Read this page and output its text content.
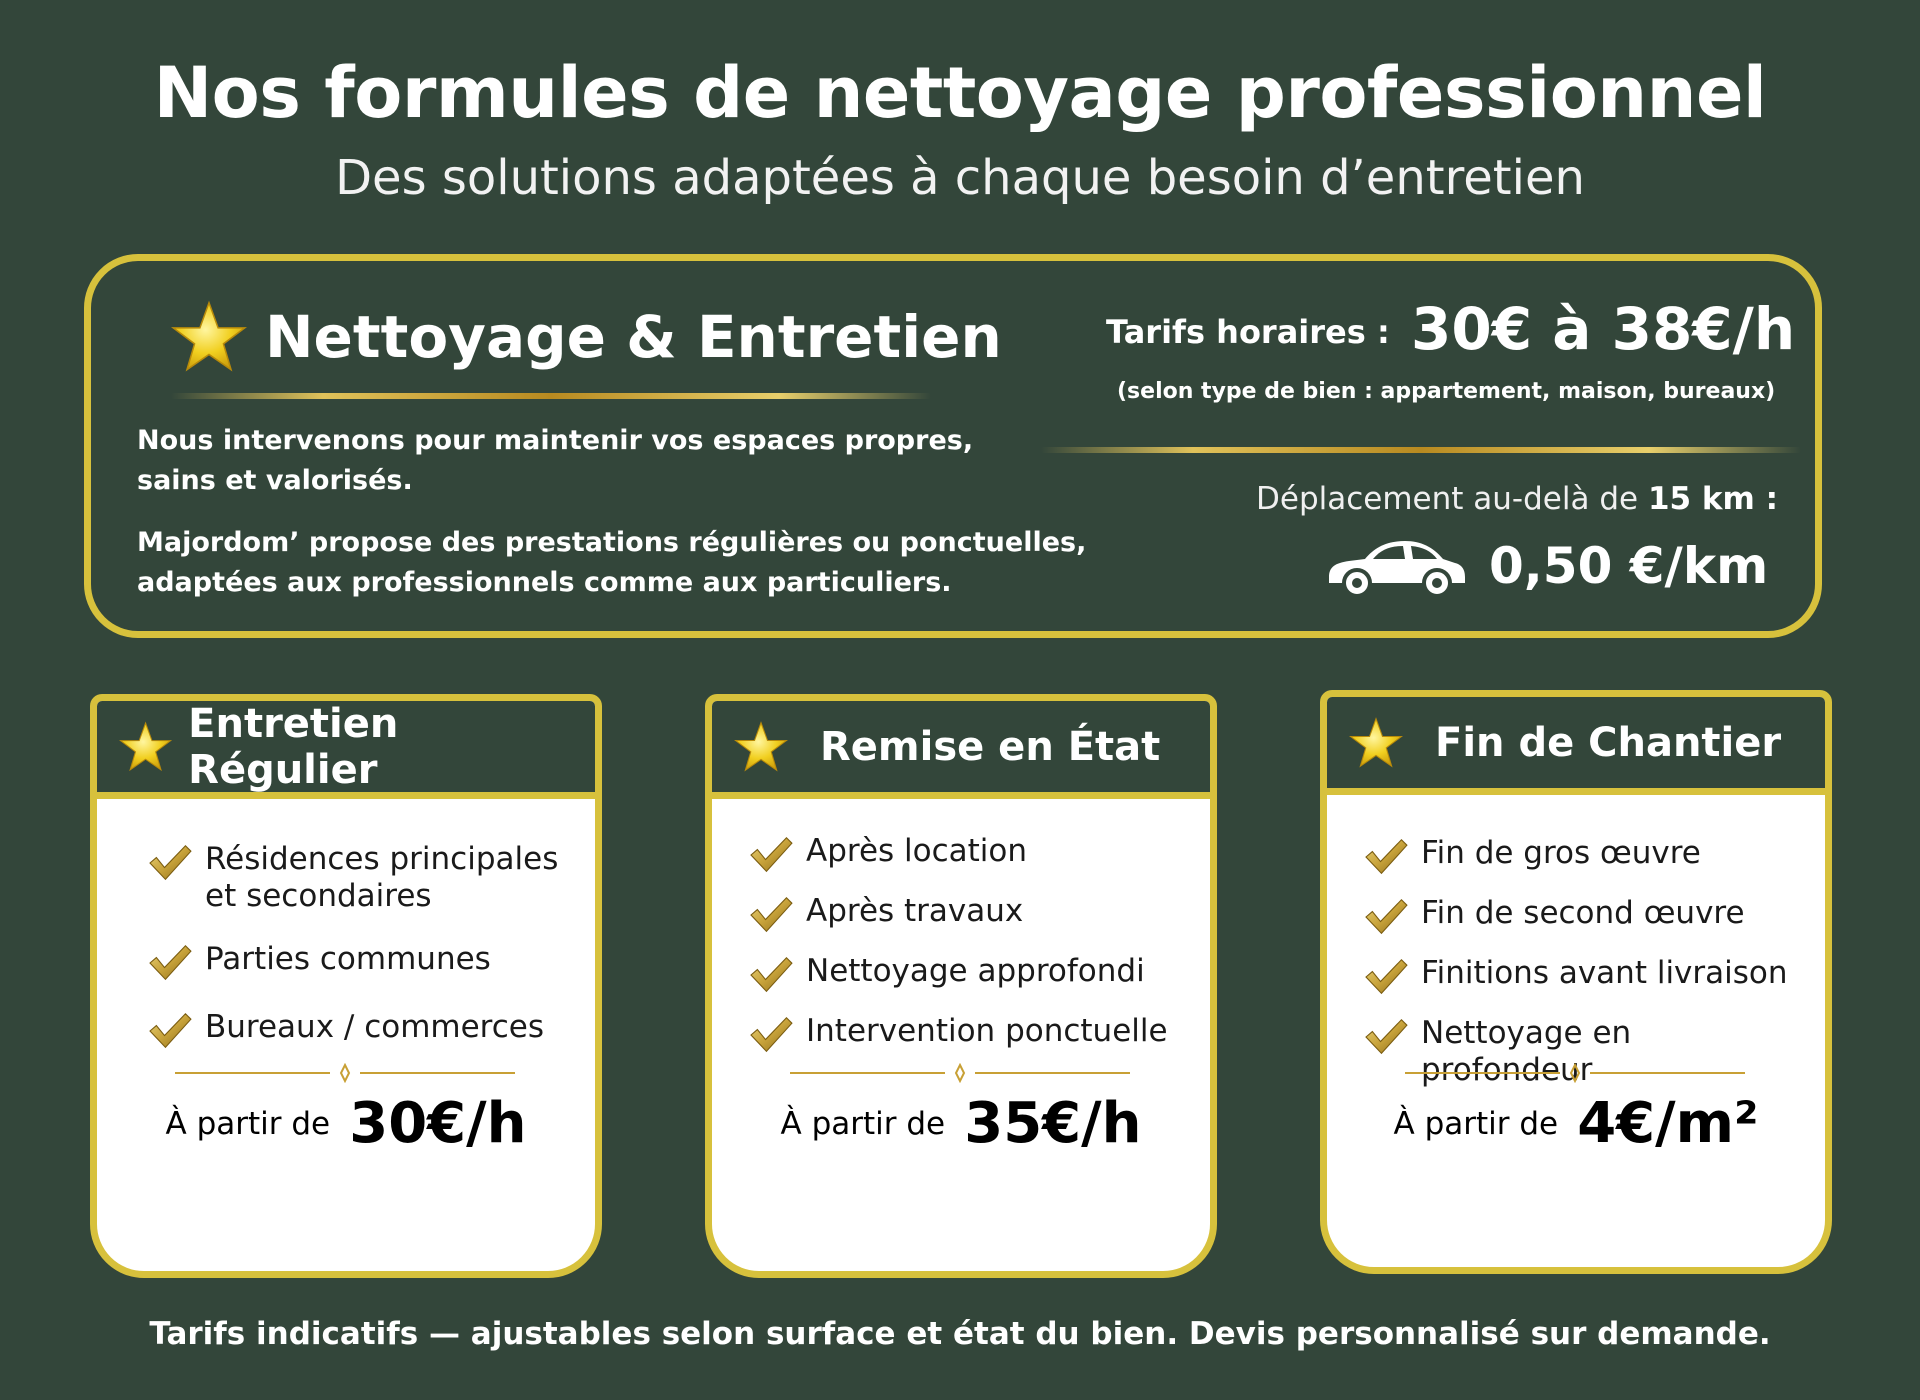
Nos formules de nettoyage professionnel
Des solutions adaptées à chaque besoin d’entretien
Nettoyage & Entretien
Nous intervenons pour maintenir vos espaces propres, sains et valorisés.
Majordom’ propose des prestations régulières ou ponctuelles, adaptées aux professionnels comme aux particuliers.
Tarifs horaires : 30€ à 38€/h
(selon type de bien : appartement, maison, bureaux)
Déplacement au-delà de 15 km :
0,50 €/km
Entretien Régulier
Résidences principales et secondaires
Parties communes
Bureaux / commerces
À partir de 30€/h
Remise en État
Après location
Après travaux
Nettoyage approfondi
Intervention ponctuelle
À partir de 35€/h
Fin de Chantier
Fin de gros œuvre
Fin de second œuvre
Finitions avant livraison
Nettoyage en profondeur
À partir de 4€/m²
Tarifs indicatifs — ajustables selon surface et état du bien. Devis personnalisé sur demande.
